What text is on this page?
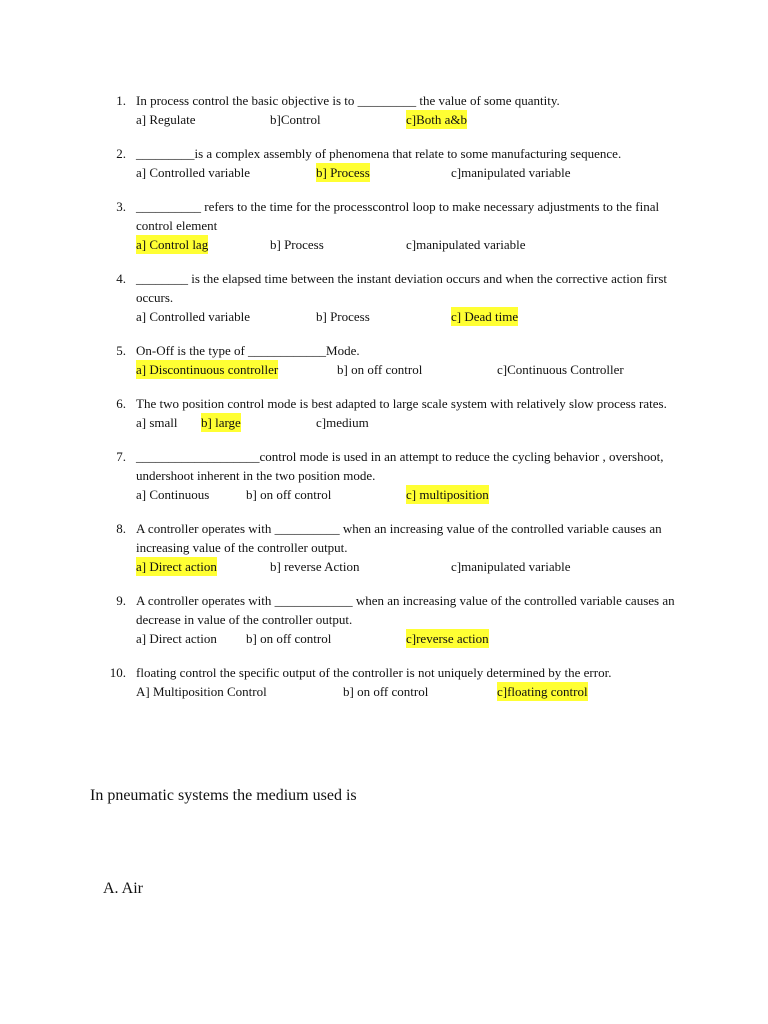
1. In process control the basic objective is to _________ the value of some quantity.
a] Regulate	b]Control	c]Both a&b
2. _________is a complex assembly of phenomena that relate to some manufacturing sequence.
a] Controlled variable	b] Process	c]manipulated variable
3. __________ refers to the time for the processcontrol loop to make necessary adjustments to the final control element
a] Control lag	b] Process	c]manipulated variable
4. ________ is the elapsed time between the instant deviation occurs and when the corrective action first occurs.
a] Controlled variable	b] Process	c] Dead time
5. On-Off is the type of ____________Mode.
a] Discontinuous controller	b] on off control	c]Continuous Controller
6. The two position control mode is best adapted to large scale system with relatively slow process rates.
a] small b] large	c]medium
7. ___________________control mode is used in an attempt to reduce the cycling behavior , overshoot, undershoot inherent in the two position mode.
a] Continuous	b] on off control	c] multiposition
8. A controller operates with __________ when an increasing value of the controlled variable causes an increasing value of the controller output.
a] Direct action	b] reverse Action	c]manipulated variable
9. A controller operates with ____________ when an increasing value of the controlled variable causes an decrease in value of the controller output.
a] Direct action b] on off control	c]reverse action
10. floating control the specific output of the controller is not uniquely determined by the error.
A] Multiposition Control	b] on off control	c]floating control
In pneumatic systems the medium used is
A. Air
